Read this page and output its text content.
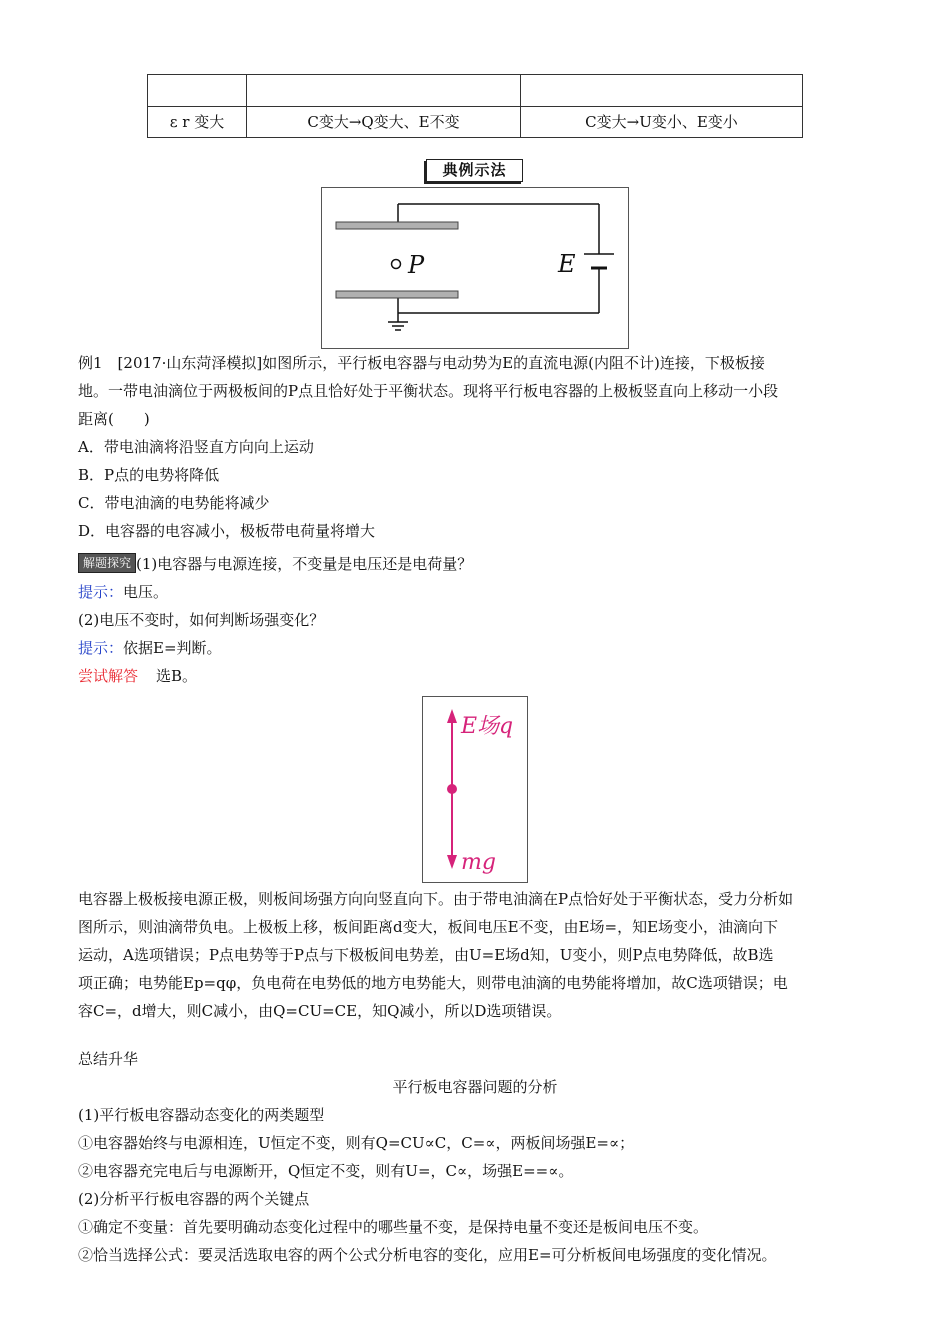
ε r 变大	C变大→Q变大、E不变	C变大→U变小、E变小
典例示法
P	E
例1　[2017·山东菏泽模拟]如图所示，平行板电容器与电动势为E的直流电源(内阻不计)连接，下极板接
地。一带电油滴位于两极板间的P点且恰好处于平衡状态。现将平行板电容器的上极板竖直向上移动一小段
距离(　　)
A．带电油滴将沿竖直方向向上运动
B．P点的电势将降低
C．带电油滴的电势能将减少
D．电容器的电容减小，极板带电荷量将增大
解题探究 (1)电容器与电源连接，不变量是电压还是电荷量？
提示：电压。
(2)电压不变时，如何判断场强变化？
提示：依据E=判断。
尝试解答 选B。
E场q
mg
电容器上极板接电源正极，则板间场强方向向竖直向下。由于带电油滴在P点恰好处于平衡状态，受力分析如
图所示，则油滴带负电。上极板上移，板间距离d变大，板间电压E不变，由E场=，知E场变小，油滴向下
运动，A选项错误；P点电势等于P点与下极板间电势差，由U=E场d知，U变小，则P点电势降低，故B选
项正确；电势能Ep=qφ，负电荷在电势低的地方电势能大，则带电油滴的电势能将增加，故C选项错误；电
容C=，d增大，则C减小，由Q=CU=CE，知Q减小，所以D选项错误。
总结升华
平行板电容器问题的分析
(1)平行板电容器动态变化的两类题型
①电容器始终与电源相连，U恒定不变，则有Q=CU∝C，C=∝，两板间场强E=∝；
②电容器充完电后与电源断开，Q恒定不变，则有U=，C∝，场强E==∝。
(2)分析平行板电容器的两个关键点
①确定不变量：首先要明确动态变化过程中的哪些量不变，是保持电量不变还是板间电压不变。
②恰当选择公式：要灵活选取电容的两个公式分析电容的变化，应用E=可分析板间电场强度的变化情况。
